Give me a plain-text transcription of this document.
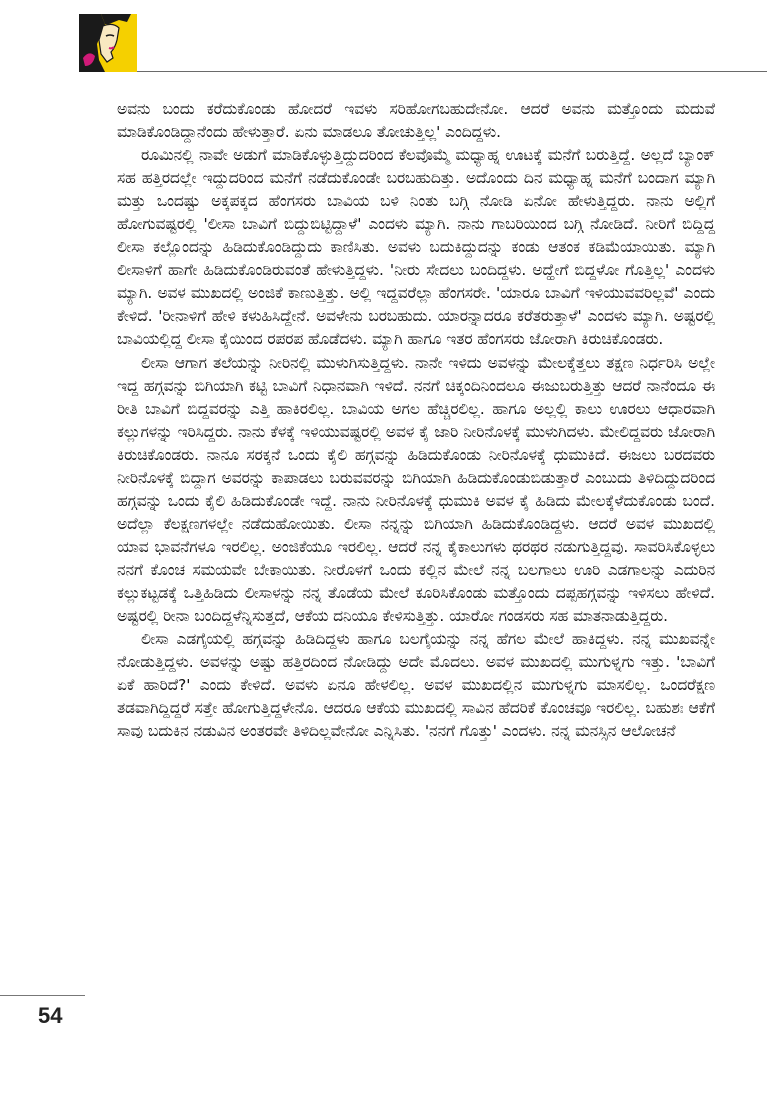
ಅವನು ಬಂದು ಕರೆದುಕೊಂಡು ಹೋದರೆ ಇವಳು ಸರಿಹೋಗಬಹುದೇನೋ. ಆದರೆ ಅವನು ಮತ್ತೊಂದು ಮದುವೆ ಮಾಡಿಕೊಂಡಿದ್ದಾನೆಂದು ಹೇಳುತ್ತಾರೆ. ಏನು ಮಾಡಲೂ ತೋಚುತ್ತಿಲ್ಲ' ಎಂದಿದ್ದಳು.

ರೂಮಿನಲ್ಲಿ ನಾವೇ ಅಡುಗೆ ಮಾಡಿಕೊಳ್ಳುತ್ತಿದ್ದುದರಿಂದ ಕೆಲವೊಮ್ಮೆ ಮಧ್ಯಾಹ್ನ ಊಟಕ್ಕೆ ಮನೆಗೆ ಬರುತ್ತಿದ್ದೆ. ಅಲ್ಲದೆ ಬ್ಯಾಂಕ್ ಸಹ ಹತ್ತಿರದಲ್ಲೇ ಇದ್ದುದರಿಂದ ಮನೆಗೆ ನಡೆದುಕೊಂಡೇ ಬರಬಹುದಿತ್ತು. ಅದೊಂದು ದಿನ ಮಧ್ಯಾಹ್ನ ಮನೆಗೆ ಬಂದಾಗ ಮ್ಯಾಗಿ ಮತ್ತು ಒಂದಷ್ಟು ಅಕ್ಕಪಕ್ಕದ ಹೆಂಗಸರು ಬಾವಿಯ ಬಳಿ ನಿಂತು ಬಗ್ಗಿ ನೋಡಿ ಏನೋ ಹೇಳುತ್ತಿದ್ದರು. ನಾನು ಅಲ್ಲಿಗೆ ಹೋಗುವಷ್ಟರಲ್ಲಿ 'ಲೀಸಾ ಬಾವಿಗೆ ಬಿದ್ದುಬಿಟ್ಟಿದ್ದಾಳೆ' ಎಂದಳು ಮ್ಯಾಗಿ. ನಾನು ಗಾಬರಿಯಿಂದ ಬಗ್ಗಿ ನೋಡಿದೆ. ನೀರಿಗೆ ಬಿದ್ದಿದ್ದ ಲೀಸಾ ಕಲ್ಲೊಂದನ್ನು ಹಿಡಿದುಕೊಂಡಿದ್ದುದು ಕಾಣಿಸಿತು. ಅವಳು ಬದುಕಿದ್ದುದನ್ನು ಕಂಡು ಆತಂಕ ಕಡಿಮೆಯಾಯಿತು. ಮ್ಯಾಗಿ ಲೀಸಾಳಿಗೆ ಹಾಗೇ ಹಿಡಿದುಕೊಂಡಿರುವಂತೆ ಹೇಳುತ್ತಿದ್ದಳು. 'ನೀರು ಸೇದಲು ಬಂದಿದ್ದಳು. ಅದ್ಹೇಗೆ ಬಿದ್ದಳೋ ಗೊತ್ತಿಲ್ಲ' ಎಂದಳು ಮ್ಯಾಗಿ. ಅವಳ ಮುಖದಲ್ಲಿ ಅಂಜಿಕೆ ಕಾಣುತ್ತಿತ್ತು. ಅಲ್ಲಿ ಇದ್ದವರೆಲ್ಲಾ ಹೆಂಗಸರೇ. 'ಯಾರೂ ಬಾವಿಗೆ ಇಳಿಯುವವರಿಲ್ಲವೆ' ಎಂದು ಕೇಳಿದೆ. 'ರೀನಾಳಿಗೆ ಹೇಳಿ ಕಳುಹಿಸಿದ್ದೇನೆ. ಅವಳೇನು ಬರಬಹುದು. ಯಾರನ್ನಾದರೂ ಕರೆತರುತ್ತಾಳೆ' ಎಂದಳು ಮ್ಯಾಗಿ. ಅಷ್ಟರಲ್ಲಿ ಬಾವಿಯಲ್ಲಿದ್ದ ಲೀಸಾ ಕೈಯಿಂದ ರಪರಪ ಹೊಡೆದಳು. ಮ್ಯಾಗಿ ಹಾಗೂ ಇತರ ಹೆಂಗಸರು ಜೋರಾಗಿ ಕಿರುಚಿಕೊಂಡರು.

ಲೀಸಾ ಆಗಾಗ ತಲೆಯನ್ನು ನೀರಿನಲ್ಲಿ ಮುಳುಗಿಸುತ್ತಿದ್ದಳು. ನಾನೇ ಇಳಿದು ಅವಳನ್ನು ಮೇಲಕ್ಕೆತ್ತಲು ತಕ್ಷಣ ನಿರ್ಧರಿಸಿ ಅಲ್ಲೇ ಇದ್ದ ಹಗ್ಗವನ್ನು ಬಿಗಿಯಾಗಿ ಕಟ್ಟಿ ಬಾವಿಗೆ ನಿಧಾನವಾಗಿ ಇಳಿದೆ. ನನಗೆ ಚಿಕ್ಕಂದಿನಿಂದಲೂ ಈಜುಬರುತ್ತಿತ್ತು ಆದರೆ ನಾನೆಂದೂ ಈ ರೀತಿ ಬಾವಿಗೆ ಬಿದ್ದವರನ್ನು ಎತ್ತಿ ಹಾಕಿರಲಿಲ್ಲ. ಬಾವಿಯ ಅಗಲ ಹೆಚ್ಚಿರಲಿಲ್ಲ. ಹಾಗೂ ಅಲ್ಲಲ್ಲಿ ಕಾಲು ಊರಲು ಆಧಾರವಾಗಿ ಕಲ್ಲುಗಳನ್ನು ಇರಿಸಿದ್ದರು. ನಾನು ಕೆಳಕ್ಕೆ ಇಳಿಯುವಷ್ಟರಲ್ಲಿ ಅವಳ ಕೈ ಜಾರಿ ನೀರಿನೊಳಕ್ಕೆ ಮುಳುಗಿದಳು. ಮೇಲಿದ್ದವರು ಜೋರಾಗಿ ಕಿರುಚಿಕೊಂಡರು. ನಾನೂ ಸರಕ್ಕನೆ ಒಂದು ಕೈಲಿ ಹಗ್ಗವನ್ನು ಹಿಡಿದುಕೊಂಡು ನೀರಿನೊಳಕ್ಕೆ ಧುಮುಕಿದೆ. ಈಜಲು ಬರದವರು ನೀರಿನೊಳಕ್ಕೆ ಬಿದ್ದಾಗ ಅವರನ್ನು ಕಾಪಾಡಲು ಬರುವವರನ್ನು ಬಿಗಿಯಾಗಿ ಹಿಡಿದುಕೊಂಡುಬಿಡುತ್ತಾರೆ ಎಂಬುದು ತಿಳಿದಿದ್ದುದರಿಂದ ಹಗ್ಗವನ್ನು ಒಂದು ಕೈಲಿ ಹಿಡಿದುಕೊಂಡೇ ಇದ್ದೆ. ನಾನು ನೀರಿನೊಳಕ್ಕೆ ಧುಮುಕಿ ಅವಳ ಕೈ ಹಿಡಿದು ಮೇಲಕ್ಕೆಳೆದುಕೊಂಡು ಬಂದೆ. ಅದೆಲ್ಲಾ ಕೆಲಕ್ಷಣಗಳಲ್ಲೇ ನಡೆದುಹೋಯಿತು. ಲೀಸಾ ನನ್ನನ್ನು ಬಿಗಿಯಾಗಿ ಹಿಡಿದುಕೊಂಡಿದ್ದಳು. ಆದರೆ ಅವಳ ಮುಖದಲ್ಲಿ ಯಾವ ಭಾವನೆಗಳೂ ಇರಲಿಲ್ಲ. ಅಂಜಿಕೆಯೂ ಇರಲಿಲ್ಲ. ಆದರೆ ನನ್ನ ಕೈಕಾಲುಗಳು ಥರಥರ ನಡುಗುತ್ತಿದ್ದವು. ಸಾವರಿಸಿಕೊಳ್ಳಲು ನನಗೆ ಕೊಂಚ ಸಮಯವೇ ಬೇಕಾಯಿತು. ನೀರೊಳಗೆ ಒಂದು ಕಲ್ಲಿನ ಮೇಲೆ ನನ್ನ ಬಲಗಾಲು ಊರಿ ಎಡಗಾಲನ್ನು ಎದುರಿನ ಕಲ್ಲುಕಟ್ಟಡಕ್ಕೆ ಒತ್ತಿಹಿಡಿದು ಲೀಸಾಳನ್ನು ನನ್ನ ತೊಡೆಯ ಮೇಲೆ ಕೂರಿಸಿಕೊಂಡು ಮತ್ತೊಂದು ದಪ್ಪಹಗ್ಗವನ್ನು ಇಳಿಸಲು ಹೇಳಿದೆ. ಅಷ್ಟರಲ್ಲಿ ರೀನಾ ಬಂದಿದ್ದಳೆನ್ನಿಸುತ್ತದೆ, ಆಕೆಯ ದನಿಯೂ ಕೇಳಿಸುತ್ತಿತ್ತು. ಯಾರೋ ಗಂಡಸರು ಸಹ ಮಾತನಾಡುತ್ತಿದ್ದರು.

ಲೀಸಾ ಎಡಗೈಯಲ್ಲಿ ಹಗ್ಗವನ್ನು ಹಿಡಿದಿದ್ದಳು ಹಾಗೂ ಬಲಗೈಯನ್ನು ನನ್ನ ಹೆಗಲ ಮೇಲೆ ಹಾಕಿದ್ದಳು. ನನ್ನ ಮುಖವನ್ನೇ ನೋಡುತ್ತಿದ್ದಳು. ಅವಳನ್ನು ಅಷ್ಟು ಹತ್ತಿರದಿಂದ ನೋಡಿದ್ದು ಅದೇ ಮೊದಲು. ಅವಳ ಮುಖದಲ್ಲಿ ಮುಗುಳ್ನಗು ಇತ್ತು. 'ಬಾವಿಗೆ ಏಕೆ ಹಾರಿದೆ?' ಎಂದು ಕೇಳಿದೆ. ಅವಳು ಏನೂ ಹೇಳಲಿಲ್ಲ. ಅವಳ ಮುಖದಲ್ಲಿನ ಮುಗುಳ್ನಗು ಮಾಸಲಿಲ್ಲ. ಒಂದರೆಕ್ಷಣ ತಡವಾಗಿದ್ದಿದ್ದರೆ ಸತ್ತೇ ಹೋಗುತ್ತಿದ್ದಳೇನೊ. ಆದರೂ ಆಕೆಯ ಮುಖದಲ್ಲಿ ಸಾವಿನ ಹೆದರಿಕೆ ಕೊಂಚವೂ ಇರಲಿಲ್ಲ. ಬಹುಶಃ ಆಕೆಗೆ ಸಾವು ಬದುಕಿನ ನಡುವಿನ ಅಂತರವೇ ತಿಳಿದಿಲ್ಲವೇನೋ ಎನ್ನಿಸಿತು. 'ನನಗೆ ಗೊತ್ತು' ಎಂದಳು. ನನ್ನ ಮನಸ್ಸಿನ ಆಲೋಚನೆ

54
